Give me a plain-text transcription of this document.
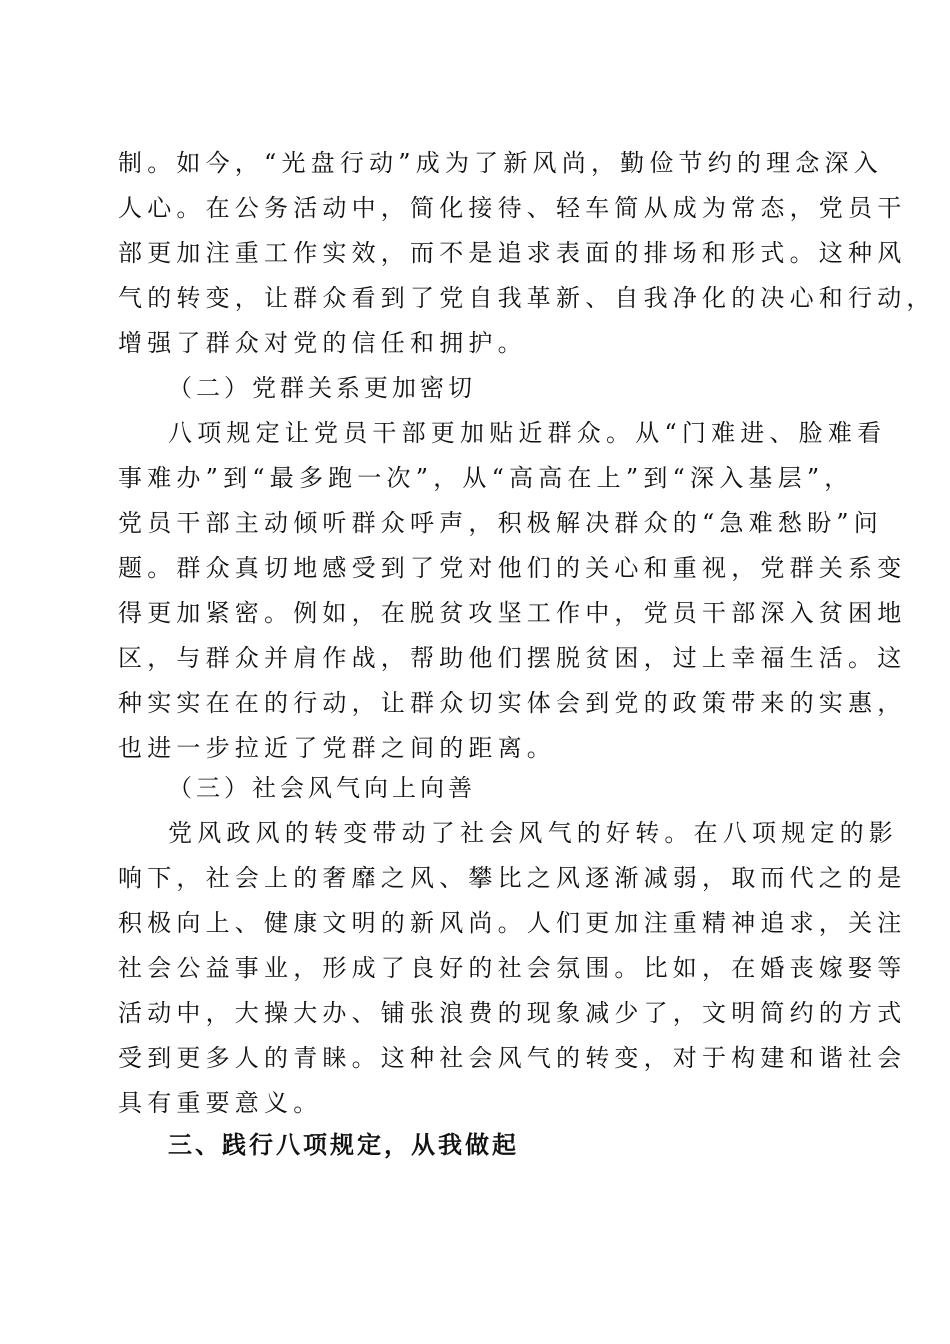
制。如今，“光盘行动”成为了新风尚，勤俭节约的理念深入
人心。在公务活动中，简化接待、轻车简从成为常态，党员干
部更加注重工作实效，而不是追求表面的排场和形式。这种风
气的转变，让群众看到了党自我革新、自我净化的决心和行动，
增强了群众对党的信任和拥护。
（二）党群关系更加密切
八项规定让党员干部更加贴近群众。从“门难进、脸难看
事难办”到“最多跑一次”，从“高高在上”到“深入基层”，
党员干部主动倾听群众呼声，积极解决群众的“急难愁盼”问
题。群众真切地感受到了党对他们的关心和重视，党群关系变
得更加紧密。例如，在脱贫攻坚工作中，党员干部深入贫困地
区，与群众并肩作战，帮助他们摆脱贫困，过上幸福生活。这
种实实在在的行动，让群众切实体会到党的政策带来的实惠，
也进一步拉近了党群之间的距离。
（三）社会风气向上向善
党风政风的转变带动了社会风气的好转。在八项规定的影
响下，社会上的奢靡之风、攀比之风逐渐减弱，取而代之的是
积极向上、健康文明的新风尚。人们更加注重精神追求，关注
社会公益事业，形成了良好的社会氛围。比如，在婚丧嫁娶等
活动中，大操大办、铺张浪费的现象减少了，文明简约的方式
受到更多人的青睐。这种社会风气的转变，对于构建和谐社会
具有重要意义。
三、践行八项规定，从我做起
